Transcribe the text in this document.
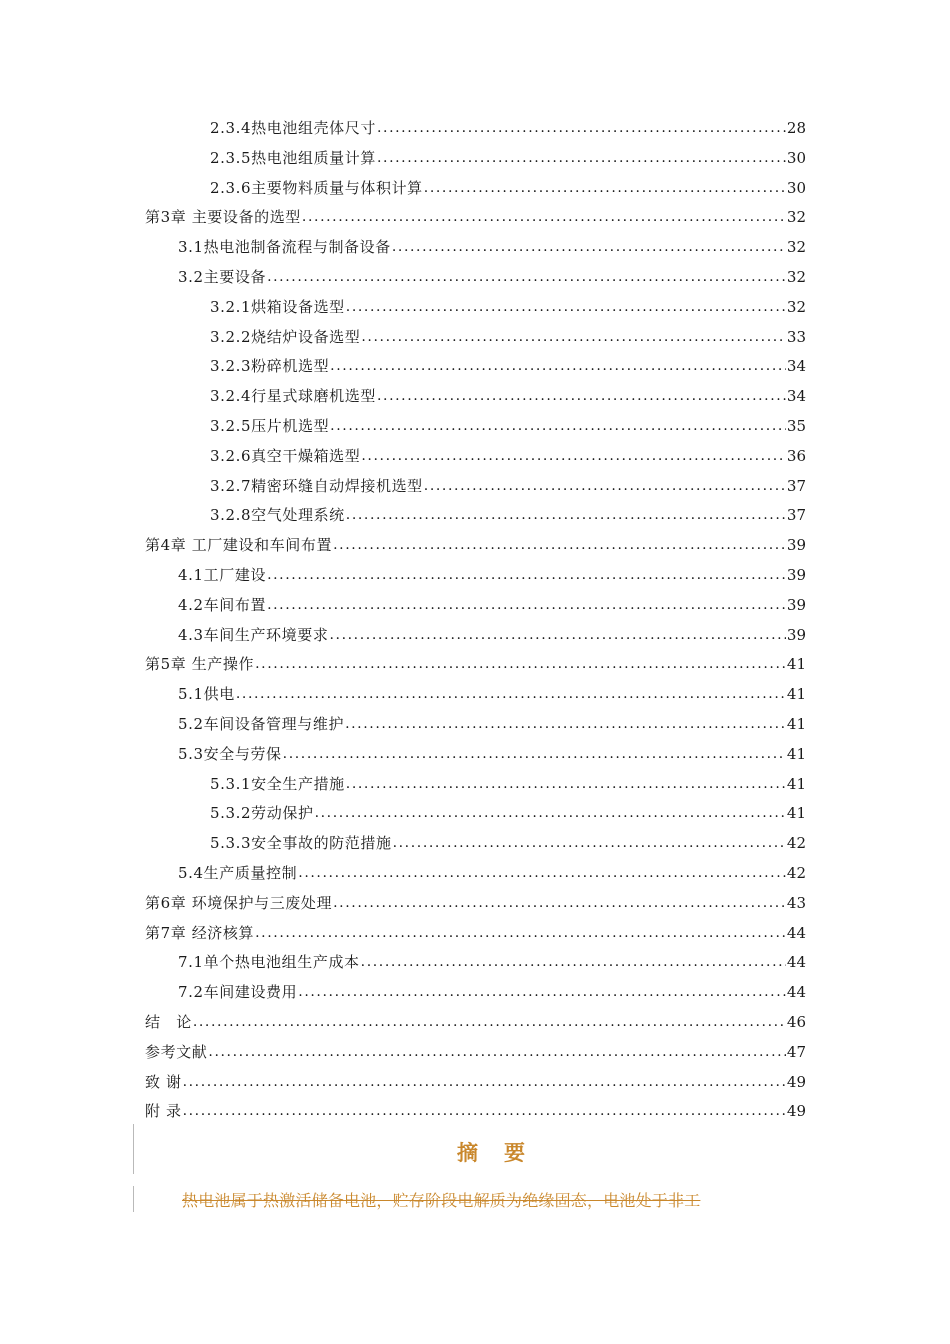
2.3.4热电池组壳体尺寸 .....	28
2.3.5热电池组质量计算 .....	30
2.3.6主要物料质量与体积计算 .....	30
第3章 主要设备的选型 .....	32
3.1热电池制备流程与制备设备 .....	32
3.2主要设备 .....	32
3.2.1烘箱设备选型 .....	32
3.2.2烧结炉设备选型 .....	33
3.2.3粉碎机选型 .....	34
3.2.4行星式球磨机选型 .....	34
3.2.5压片机选型 .....	35
3.2.6真空干燥箱选型 .....	36
3.2.7精密环缝自动焊接机选型 .....	37
3.2.8空气处理系统 .....	37
第4章 工厂建设和车间布置 .....	39
4.1工厂建设 .....	39
4.2车间布置 .....	39
4.3车间生产环境要求 .....	39
第5章 生产操作 .....	41
5.1供电 .....	41
5.2车间设备管理与维护 .....	41
5.3安全与劳保 .....	41
5.3.1安全生产措施 .....	41
5.3.2劳动保护 .....	41
5.3.3安全事故的防范措施 .....	42
5.4生产质量控制 .....	42
第6章 环境保护与三废处理 .....	43
第7章 经济核算 .....	44
7.1单个热电池组生产成本 .....	44
7.2车间建设费用 .....	44
结　论 .....	46
参考文献 .....	47
致 谢 .....	49
附 录 .....	49
摘要
热电池属于热激活储备电池，贮存阶段电解质为绝缘固态，电池处于非工
